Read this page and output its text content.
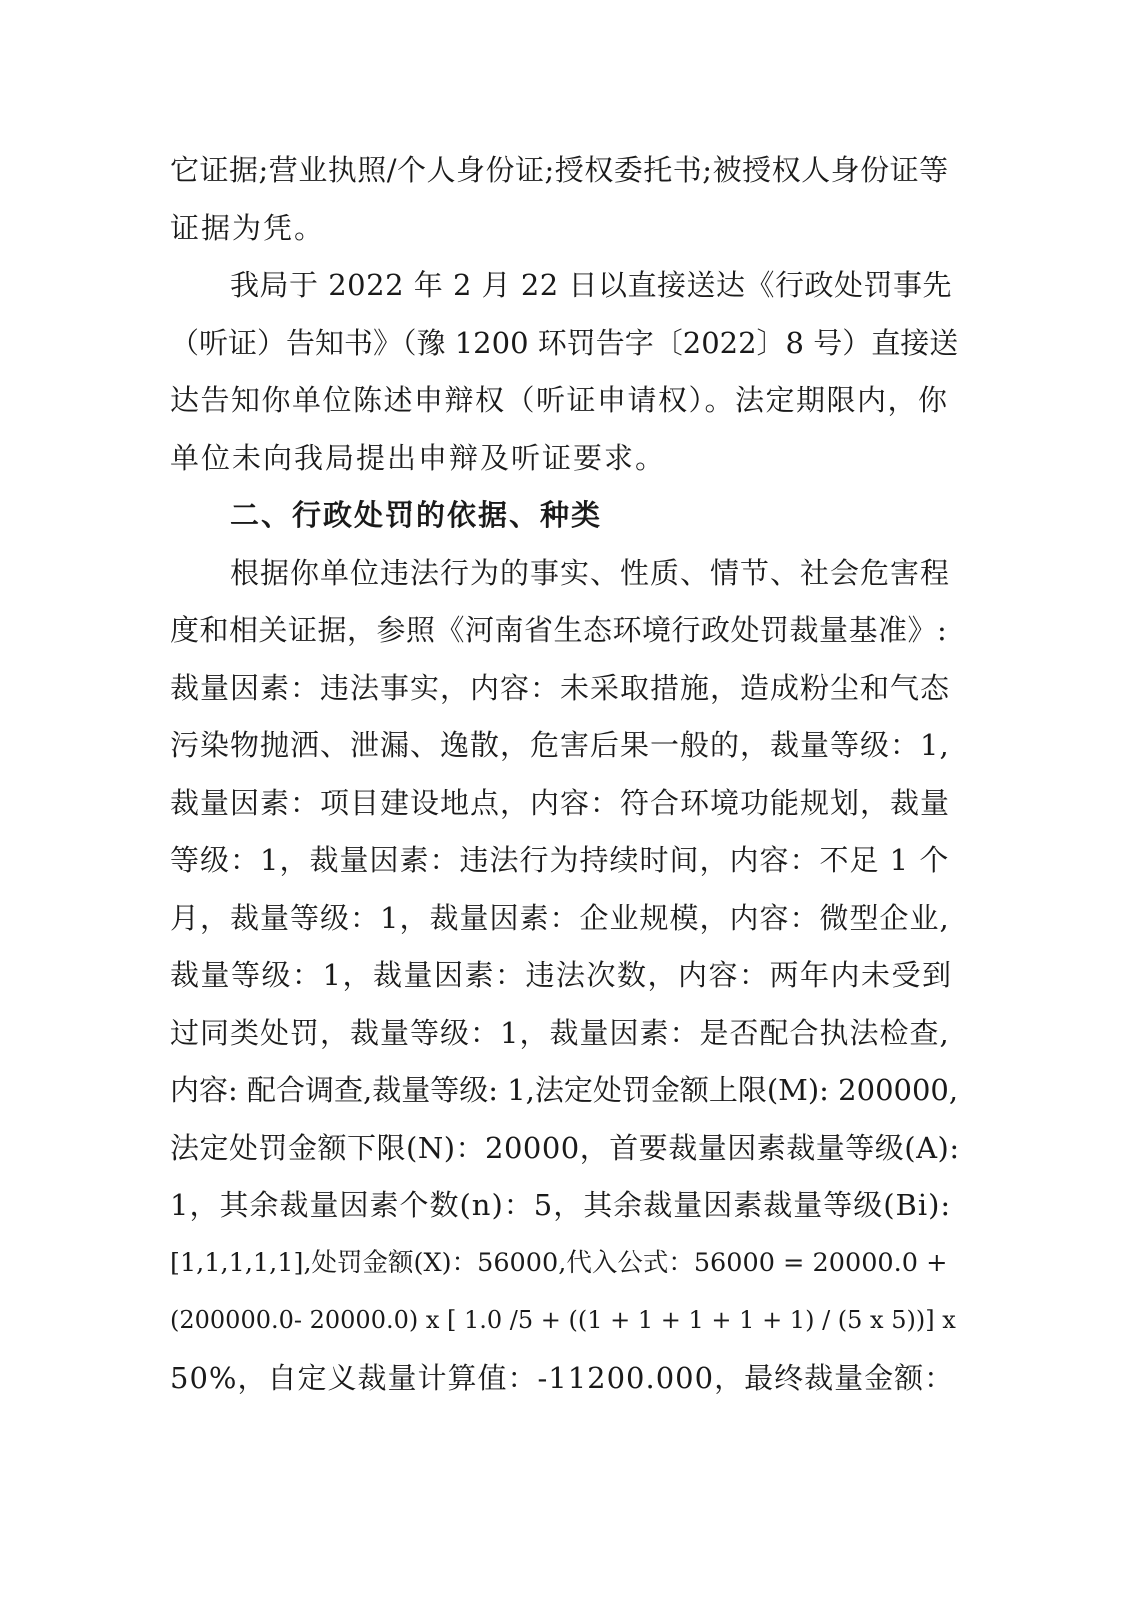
它证据;营业执照/个人身份证;授权委托书;被授权人身份证等
证据为凭。
我局于 2022 年 2 月 22 日以直接送达《行政处罚事先
（听证）告知书》（豫 1200 环罚告字〔2022〕8 号）直接送
达告知你单位陈述申辩权（听证申请权）。法定期限内，你
单位未向我局提出申辩及听证要求。
二、行政处罚的依据、种类
根据你单位违法行为的事实、性质、情节、社会危害程
度和相关证据，参照《河南省生态环境行政处罚裁量基准》:
裁量因素：违法事实，内容：未采取措施，造成粉尘和气态
污染物抛洒、泄漏、逸散，危害后果一般的，裁量等级：1,
裁量因素：项目建设地点，内容：符合环境功能规划，裁量
等级：1，裁量因素：违法行为持续时间，内容：不足 1 个
月，裁量等级：1，裁量因素：企业规模，内容：微型企业,
裁量等级：1，裁量因素：违法次数，内容：两年内未受到
过同类处罚，裁量等级：1，裁量因素：是否配合执法检查,
内容: 配合调查,裁量等级: 1,法定处罚金额上限(M): 200000,
法定处罚金额下限(N)：20000，首要裁量因素裁量等级(A):
1，其余裁量因素个数(n)：5，其余裁量因素裁量等级(Bi):
[1,1,1,1,1],处罚金额(X)：56000,代入公式：56000 = 20000.0 +
(200000.0- 20000.0) x [ 1.0 /5 + ((1 + 1 + 1 + 1 + 1) / (5 x 5))] x
50%，自定义裁量计算值：-11200.000，最终裁量金额：
